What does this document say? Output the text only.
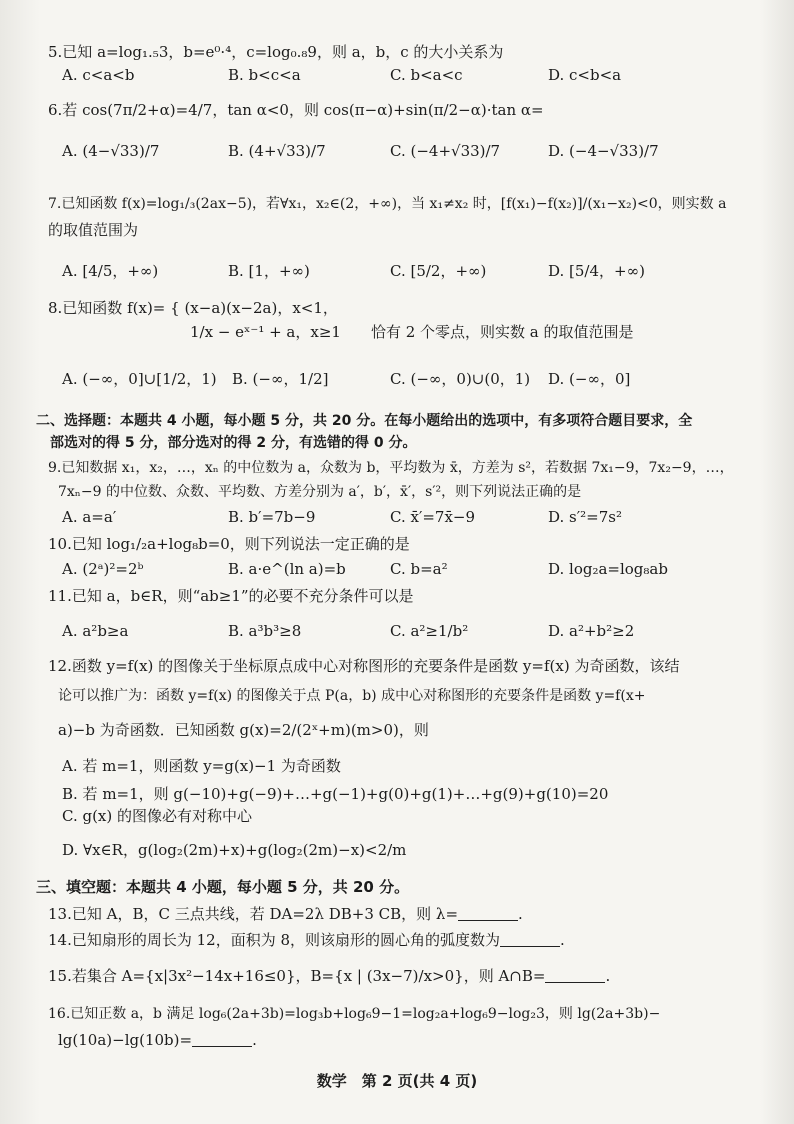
5.已知 a=log₁.₅3，b=e⁰·⁴，c=log₀.₈9，则 a，b，c 的大小关系为
A. c<a<b	B. b<c<a	C. b<a<c	D. c<b<a
6.若 cos(7π/2+α)=4/7，tan α<0，则 cos(π−α)+sin(π/2−α)·tan α=
A. (4−√33)/7	B. (4+√33)/7	C. (−4+√33)/7	D. (−4−√33)/7
7.已知函数 f(x)=log₁/₃(2ax−5)，若∀x₁，x₂∈(2，+∞)，当 x₁≠x₂ 时，[f(x₁)−f(x₂)]/(x₁−x₂)<0，则实数 a
的取值范围为
A. [4/5，+∞)	B. [1，+∞)	C. [5/2，+∞)	D. [5/4，+∞)
8.已知函数 f(x)= { (x−a)(x−2a)，x<1，
1/x − eˣ⁻¹ + a，x≥1　　恰有 2 个零点，则实数 a 的取值范围是
A. (−∞，0]∪[1/2，1) B. (−∞，1/2]	C. (−∞，0)∪(0，1) D. (−∞，0]
二、选择题：本题共 4 小题，每小题 5 分，共 20 分。在每小题给出的选项中，有多项符合题目要求，全
部选对的得 5 分，部分选对的得 2 分，有选错的得 0 分。
9.已知数据 x₁，x₂，…，xₙ 的中位数为 a，众数为 b，平均数为 x̄，方差为 s²，若数据 7x₁−9，7x₂−9，…，
7xₙ−9 的中位数、众数、平均数、方差分别为 a′，b′，x̄′，s′²，则下列说法正确的是
A. a=a′	B. b′=7b−9	C. x̄′=7x̄−9	D. s′²=7s²
10.已知 log₁/₂a+log₈b=0，则下列说法一定正确的是
A. (2ᵃ)²=2ᵇ	B. a·e^(ln a)=b	C. b=a²	D. log₂a=log₈ab
11.已知 a，b∈R，则“ab≥1”的必要不充分条件可以是
A. a²b≥a	B. a³b³≥8	C. a²≥1/b²	D. a²+b²≥2
12.函数 y=f(x) 的图像关于坐标原点成中心对称图形的充要条件是函数 y=f(x) 为奇函数，该结
论可以推广为：函数 y=f(x) 的图像关于点 P(a，b) 成中心对称图形的充要条件是函数 y=f(x+
a)−b 为奇函数．已知函数 g(x)=2/(2ˣ+m)(m>0)，则
A. 若 m=1，则函数 y=g(x)−1 为奇函数
B. 若 m=1，则 g(−10)+g(−9)+…+g(−1)+g(0)+g(1)+…+g(9)+g(10)=20
C. g(x) 的图像必有对称中心
D. ∀x∈R，g(log₂(2m)+x)+g(log₂(2m)−x)<2/m
三、填空题：本题共 4 小题，每小题 5 分，共 20 分。
13.已知 A，B，C 三点共线，若 DA=2λ DB+3 CB，则 λ=	.
14.已知扇形的周长为 12，面积为 8，则该扇形的圆心角的弧度数为	.
15.若集合 A={x|3x²−14x+16≤0}，B={x | (3x−7)/x>0}，则 A∩B=	.
16.已知正数 a，b 满足 log₆(2a+3b)=log₃b+log₆9−1=log₂a+log₆9−log₂3，则 lg(2a+3b)−
lg(10a)−lg(10b)=	.
数学　第 2 页(共 4 页)
